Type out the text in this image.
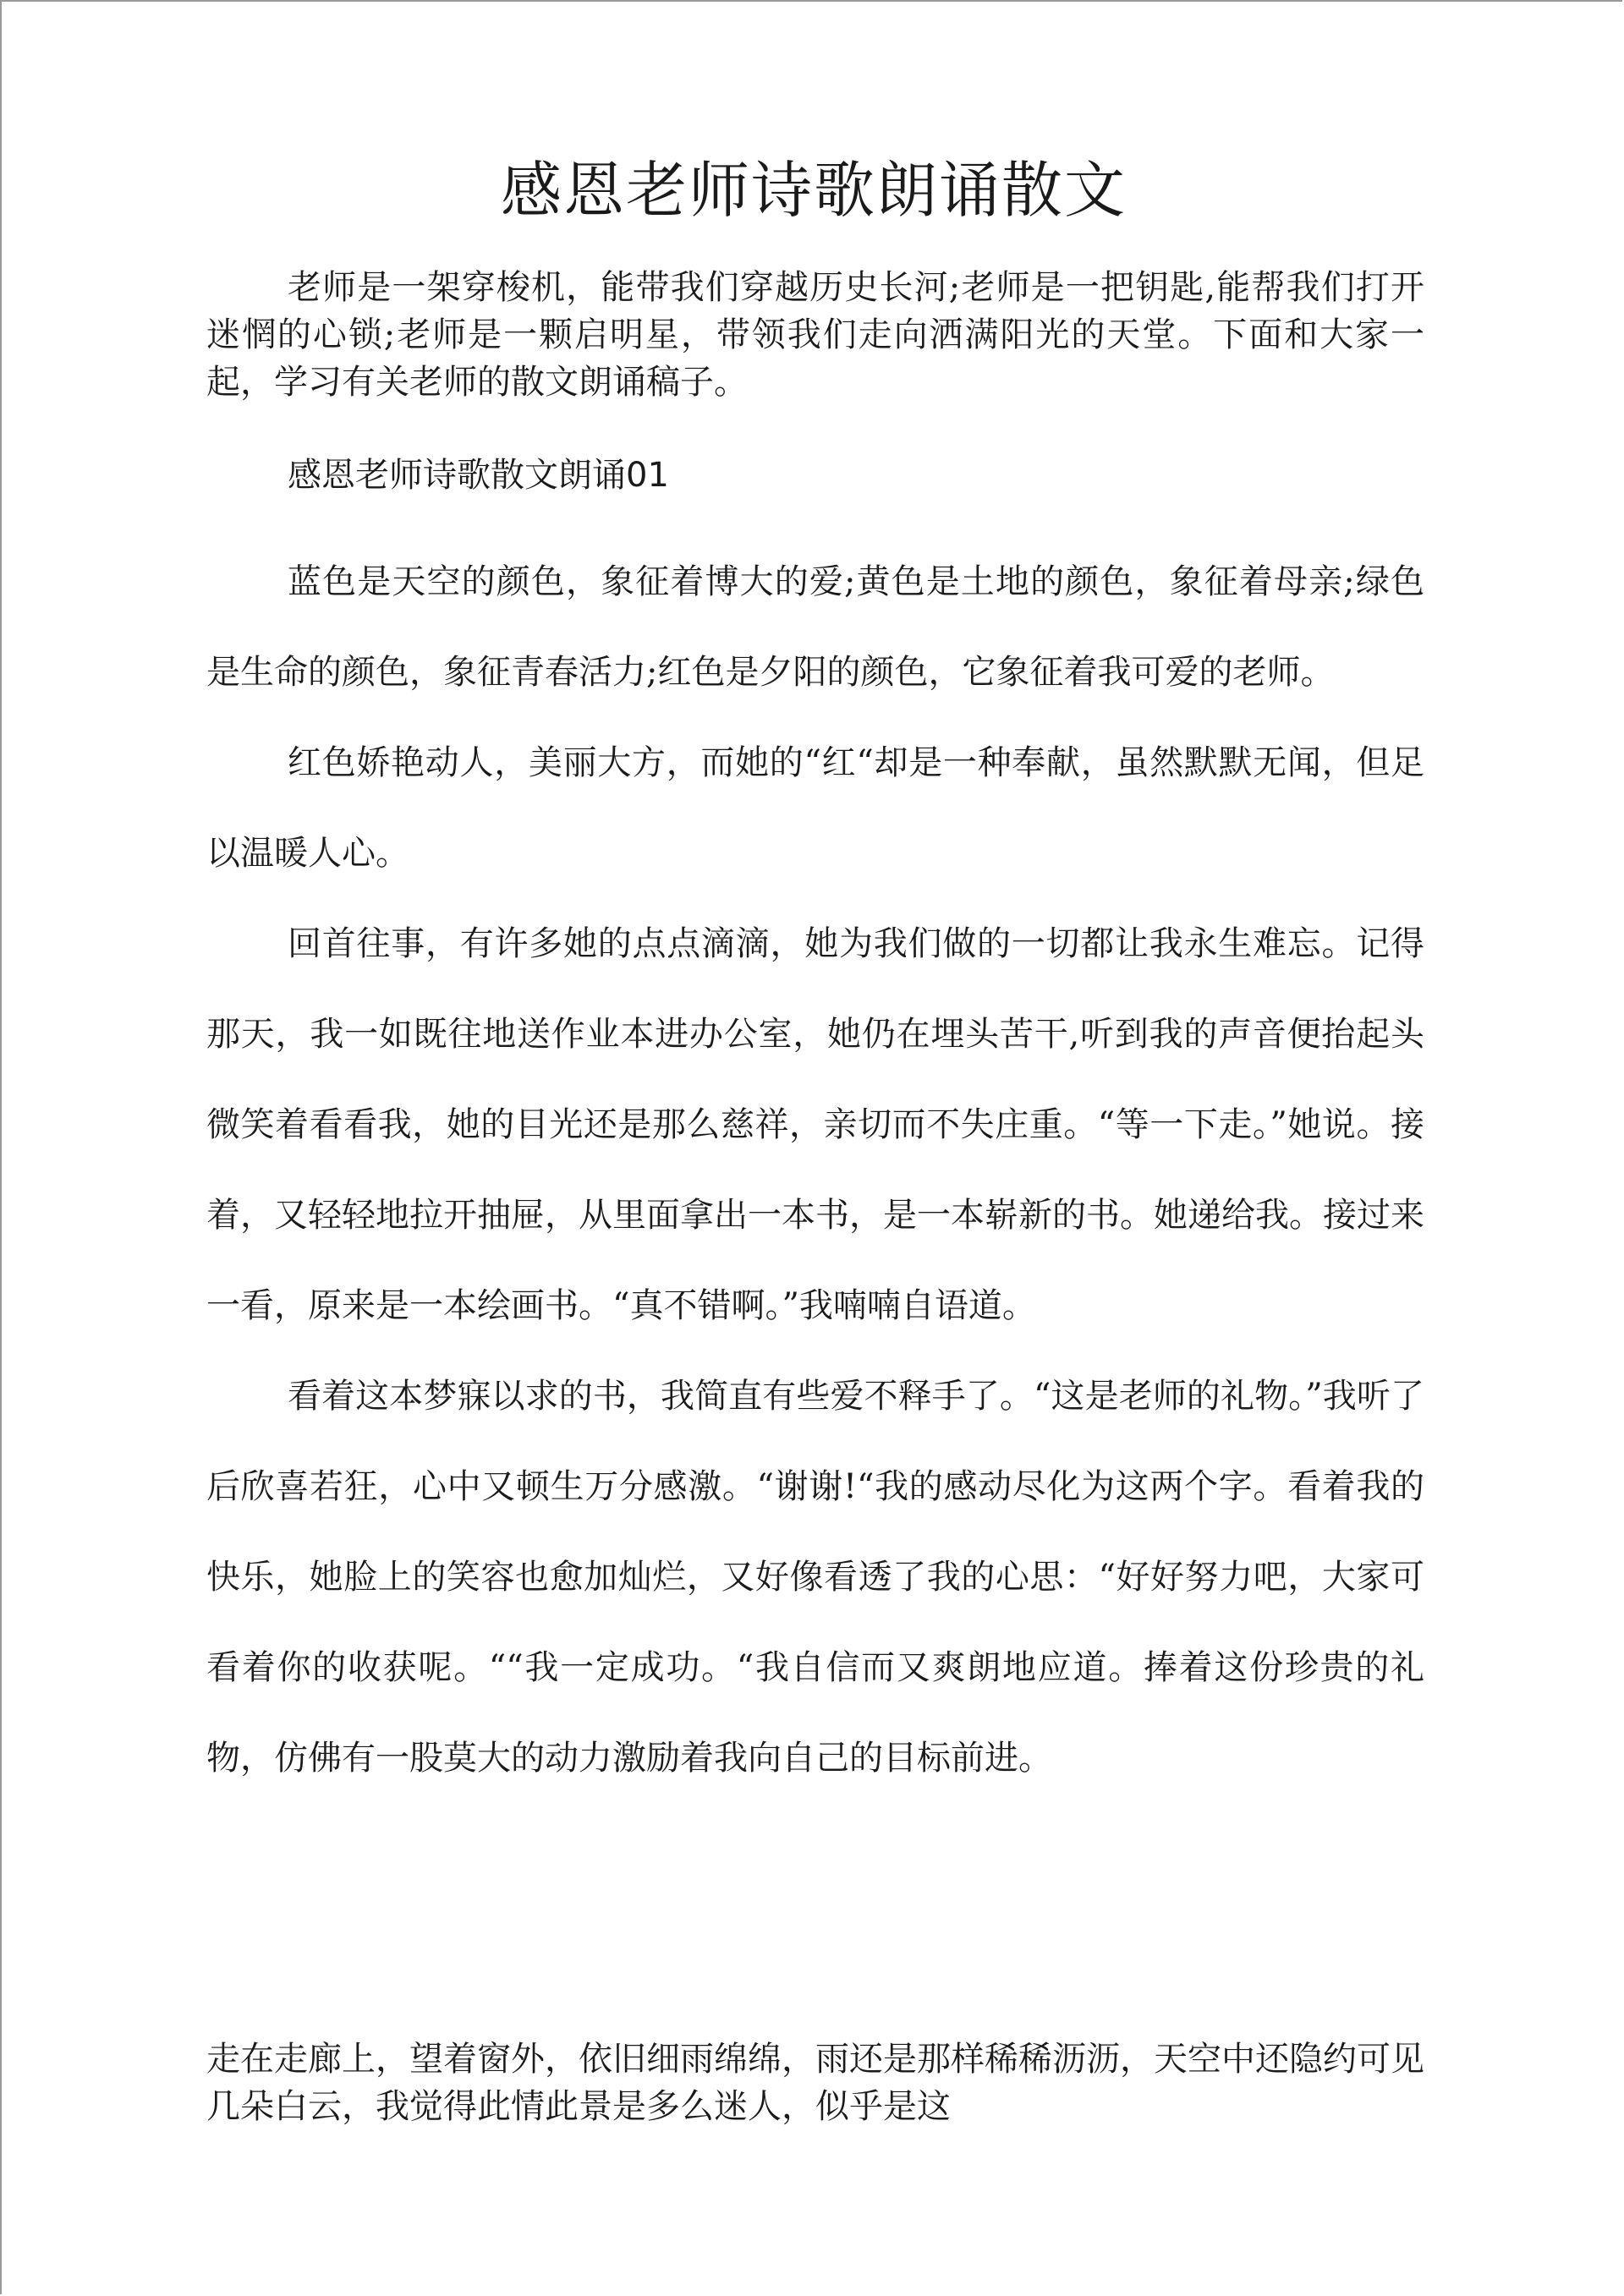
感恩老师诗歌朗诵散文

老师是一架穿梭机，能带我们穿越历史长河;老师是一把钥匙,能帮我们打开迷惘的心锁;老师是一颗启明星，带领我们走向洒满阳光的天堂。下面和大家一起，学习有关老师的散文朗诵稿子。

感恩老师诗歌散文朗诵01

蓝色是天空的颜色，象征着博大的爱;黄色是土地的颜色，象征着母亲;绿色是生命的颜色，象征青春活力;红色是夕阳的颜色，它象征着我可爱的老师。

红色娇艳动人，美丽大方，而她的“红“却是一种奉献，虽然默默无闻，但足以温暖人心。

回首往事，有许多她的点点滴滴，她为我们做的一切都让我永生难忘。记得那天，我一如既往地送作业本进办公室，她仍在埋头苦干,听到我的声音便抬起头微笑着看看我，她的目光还是那么慈祥，亲切而不失庄重。“等一下走。”她说。接着，又轻轻地拉开抽屉，从里面拿出一本书，是一本崭新的书。她递给我。接过来一看，原来是一本绘画书。“真不错啊。”我喃喃自语道。

看着这本梦寐以求的书，我简直有些爱不释手了。“这是老师的礼物。”我听了后欣喜若狂，心中又顿生万分感激。“谢谢!“我的感动尽化为这两个字。看着我的快乐，她脸上的笑容也愈加灿烂，又好像看透了我的心思：“好好努力吧，大家可看着你的收获呢。““我一定成功。“我自信而又爽朗地应道。捧着这份珍贵的礼物，仿佛有一股莫大的动力激励着我向自己的目标前进。

走在走廊上，望着窗外，依旧细雨绵绵，雨还是那样稀稀沥沥，天空中还隐约可见几朵白云，我觉得此情此景是多么迷人，似乎是这
